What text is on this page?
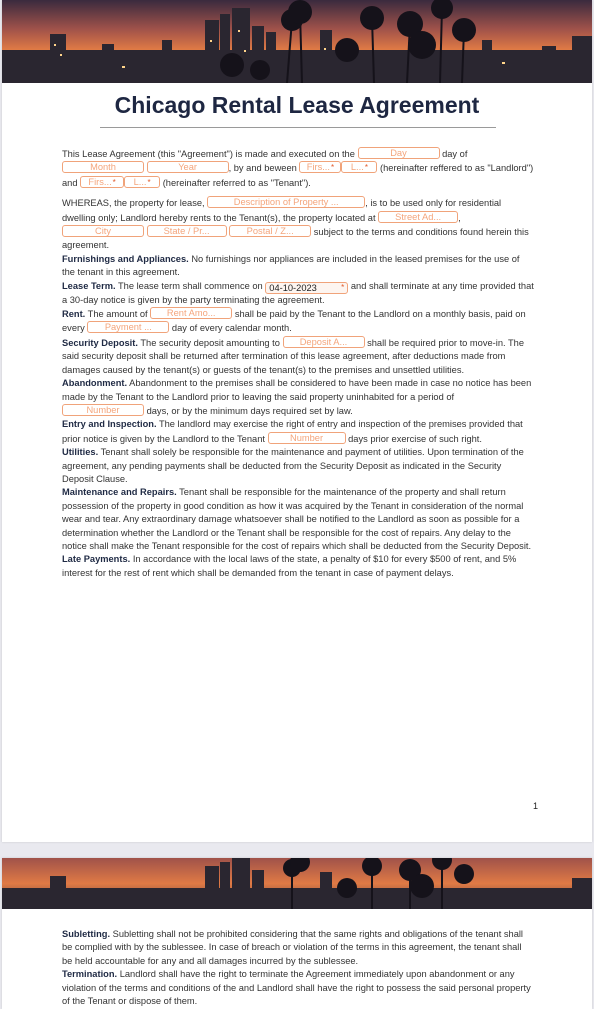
Chicago Rental Lease Agreement

This Lease Agreement (this "Agreement") is made and executed on the	Day	day of Month	Year	, by and beween Firs...* L...* (hereinafter reffered to as "Landlord") and Firs...* L...* (hereinafter referred to as "Tenant").

WHEREAS, the property for lease,	Description of Property ...	, is to be used only for residential dwelling only; Landlord hereby rents to the Tenant(s), the property located at Street Ad... , City	State / Pr...	Postal / Z... subject to the terms and conditions found herein this agreement.

Furnishings and Appliances. No furnishings nor appliances are included in the leased premises for the use of the tenant in this agreement.

Lease Term. The lease term shall commence on 04-10-2023	* and shall terminate at any time provided that a 30-day notice is given by the party terminating the agreement.

Rent. The amount of Rent Amo... shall be paid by the Tenant to the Landlord on a monthly basis, paid on every Payment ... day of every calendar month.

Security Deposit. The security deposit amounting to Deposit A... shall be required prior to move-in. The said security deposit shall be returned after termination of this lease agreement, after deductions made from damages caused by the tenant(s) or guests of the tenant(s) to the premises and unsettled utilities.

Abandonment. Abandonment to the premises shall be considered to have been made in case no notice has been made by the Tenant to the Landlord prior to leaving the said property uninhabited for a period of Number	days, or by the minimum days required set by law.

Entry and Inspection. The landlord may exercise the right of entry and inspection of the premises provided that prior notice is given by the Landlord to the Tenant	Number	days prior exercise of such right.

Utilities. Tenant shall solely be responsible for the maintenance and payment of utilities. Upon termination of the agreement, any pending payments shall be deducted from the Security Deposit as indicated in the Security Deposit Clause.

Maintenance and Repairs. Tenant shall be responsible for the maintenance of the property and shall return possession of the property in good condition as how it was acquired by the Tenant in consideration of the normal wear and tear. Any extraordinary damage whatsoever shall be notified to the Landlord as soon as possible for a determination whether the Landlord or the Tenant shall be responsible for the cost of repairs. Any delay to the notice shall make the Tenant responsible for the cost of repairs which shall be deducted from the Security Deposit.

Late Payments. In accordance with the local laws of the state, a penalty of $10 for every $500 of rent, and 5% interest for the rest of rent which shall be demanded from the tenant in case of payment delays.

1

Subletting. Subletting shall not be prohibited considering that the same rights and obligations of the tenant shall be complied with by the sublessee. In case of breach or violation of the terms in this agreement, the tenant shall be held accountable for any and all damages incurred by the sublessee.

Termination. Landlord shall have the right to terminate the Agreement immediately upon abandonment or any violation of the terms and conditions of the and Landlord shall have the right to possess the said personal property of the Tenant or dispose of them.
